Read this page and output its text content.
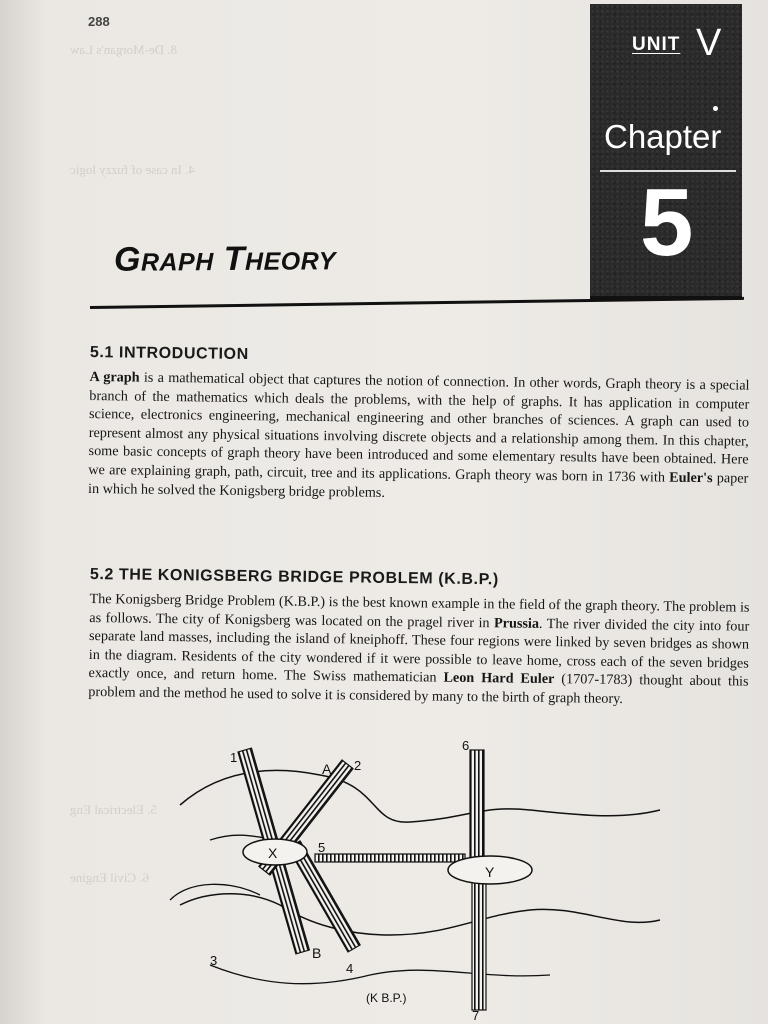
8. De-Morgan's Law
4. In case of fuzzy logic
5. Electrical Eng
6. Civil Engine
288
UNIT V
Chapter
5
GRAPH THEORY
5.1 INTRODUCTION

A graph is a mathematical object that captures the notion of connection. In other words, Graph theory is a special branch of the mathematics which deals the problems, with the help of graphs. It has application in computer science, electronics engineering, mechanical engineering and other branches of sciences. A graph can used to represent almost any physical situations involving discrete objects and a relationship among them. In this chapter, some basic concepts of graph theory have been introduced and some elementary results have been obtained. Here we are explaining graph, path, circuit, tree and its applications. Graph theory was born in 1736 with Euler's paper in which he solved the Konigsberg bridge problems.

5.2 THE KONIGSBERG BRIDGE PROBLEM (K.B.P.)

The Konigsberg Bridge Problem (K.B.P.) is the best known example in the field of the graph theory. The problem is as follows. The city of Konigsberg was located on the pragel river in Prussia. The river divided the city into four separate land masses, including the island of kneiphoff. These four regions were linked by seven bridges as shown in the diagram. Residents of the city wondered if it were possible to leave home, cross each of the seven bridges exactly once, and return home. The Swiss mathematician Leon Hard Euler (1707-1783) thought about this problem and the method he used to solve it is considered by many to the birth of graph theory.

X
Y
A
B
1
2
3
4
5
6
7
(K B.P.)
